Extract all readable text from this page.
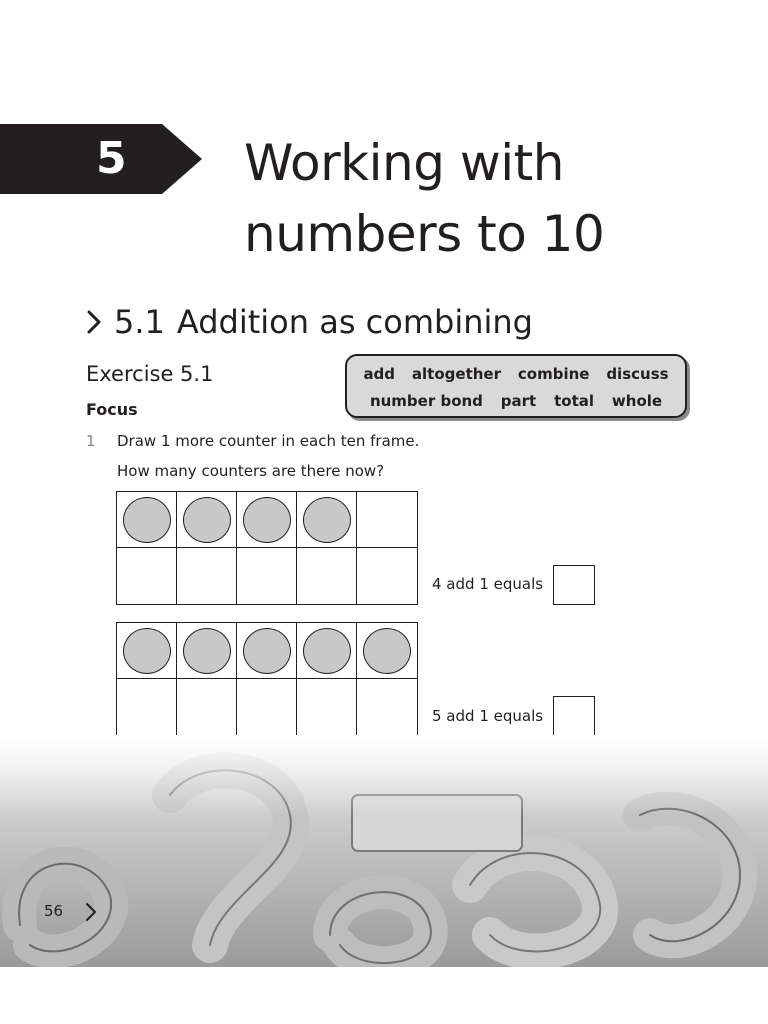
5 Working with
numbers to 10
5.1 Addition as combining
Exercise 5.1
Focus
add altogether combine discuss
number bond part total whole
1 Draw 1 more counter in each ten frame.
How many counters are there now?
4 add 1 equals
5 add 1 equals
56
